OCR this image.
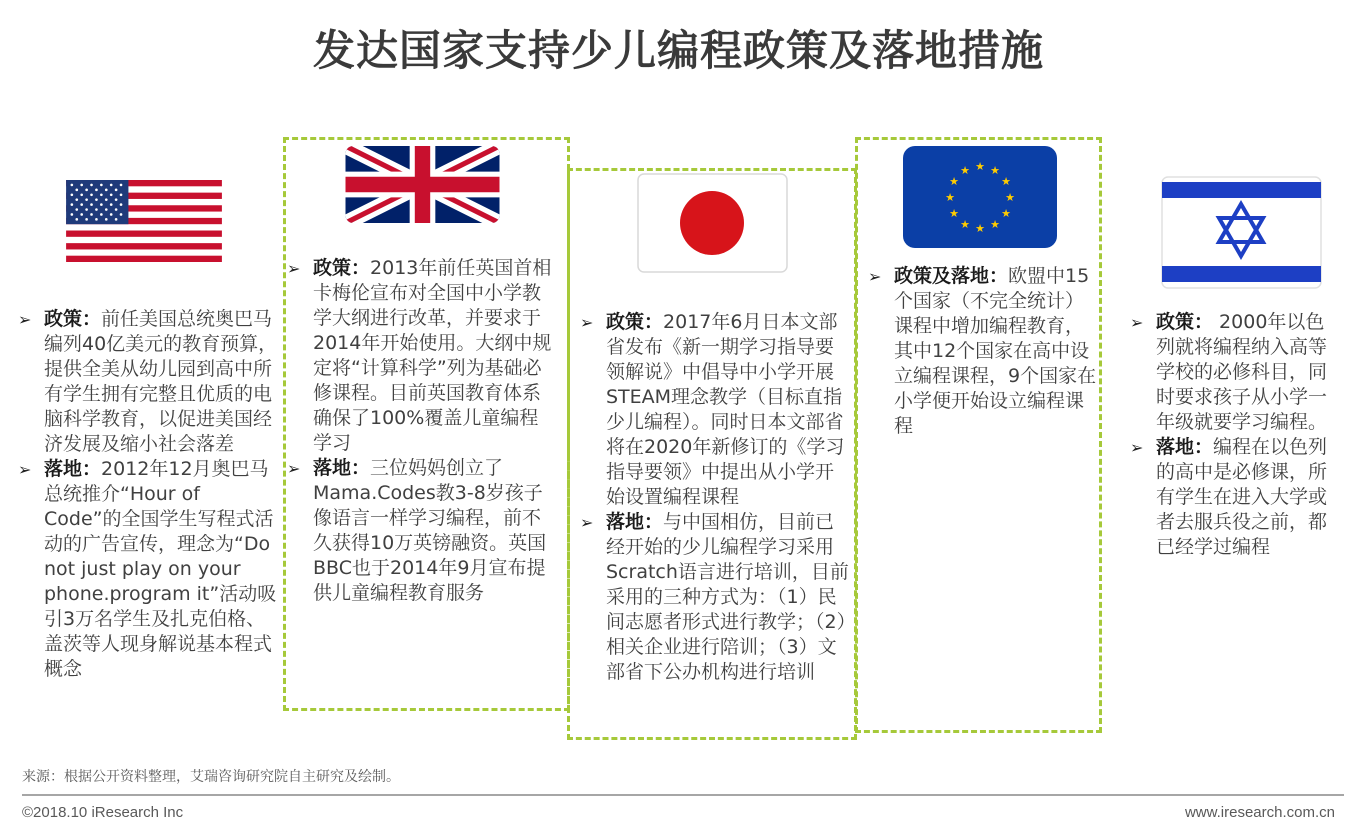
发达国家支持少儿编程政策及落地措施
★ ★
★
★
★
★
★
★
★
★
★
★
➢ 政策：前任美国总统奥巴马编列40亿美元的教育预算，提供全美从幼儿园到高中所有学生拥有完整且优质的电脑科学教育，以促进美国经济发展及缩小社会落差
➢ 落地：2012年12月奥巴马总统推介“Hour of Code”的全国学生写程式活动的广告宣传，理念为“Do not just play on your phone.program it”活动吸引3万名学生及扎克伯格、盖茨等人现身解说基本程式概念
➢ 政策：2013年前任英国首相卡梅伦宣布对全国中小学教学大纲进行改革，并要求于2014年开始使用。大纲中规定将“计算科学”列为基础必修课程。目前英国教育体系确保了100%覆盖儿童编程学习
➢ 落地：三位妈妈创立了Mama.Codes教3-8岁孩子像语言一样学习编程，前不久获得10万英镑融资。英国BBC也于2014年9月宣布提供儿童编程教育服务
➢ 政策：2017年6月日本文部省发布《新一期学习指导要领解说》中倡导中小学开展STEAM理念教学（目标直指少儿编程）。同时日本文部省将在2020年新修订的《学习指导要领》中提出从小学开始设置编程课程
➢ 落地：与中国相仿，目前已经开始的少儿编程学习采用Scratch语言进行培训，目前采用的三种方式为：（1）民间志愿者形式进行教学；（2）相关企业进行陪训；（3）文部省下公办机构进行培训
➢ 政策及落地：欧盟中15个国家（不完全统计）课程中增加编程教育，其中12个国家在高中设立编程课程，9个国家在小学便开始设立编程课程
➢ 政策： 2000年以色列就将编程纳入高等学校的必修科目，同时要求孩子从小学一年级就要学习编程。
➢ 落地：编程在以色列的高中是必修课，所有学生在进入大学或者去服兵役之前，都已经学过编程
来源：根据公开资料整理，艾瑞咨询研究院自主研究及绘制。
©2018.10 iResearch Inc	www.iresearch.com.cn
